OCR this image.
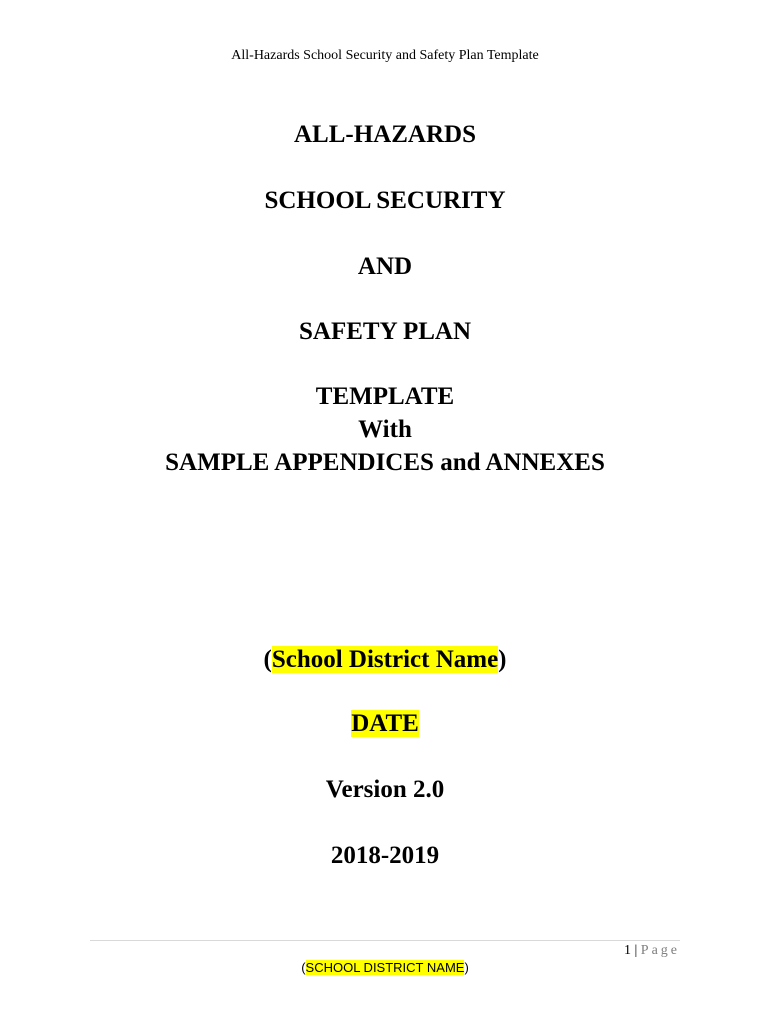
All-Hazards School Security and Safety Plan Template
ALL-HAZARDS
SCHOOL SECURITY
AND
SAFETY PLAN
TEMPLATE
With
SAMPLE APPENDICES and ANNEXES
(School District Name)
DATE
Version 2.0
2018-2019
1 | Page
(SCHOOL DISTRICT NAME)
